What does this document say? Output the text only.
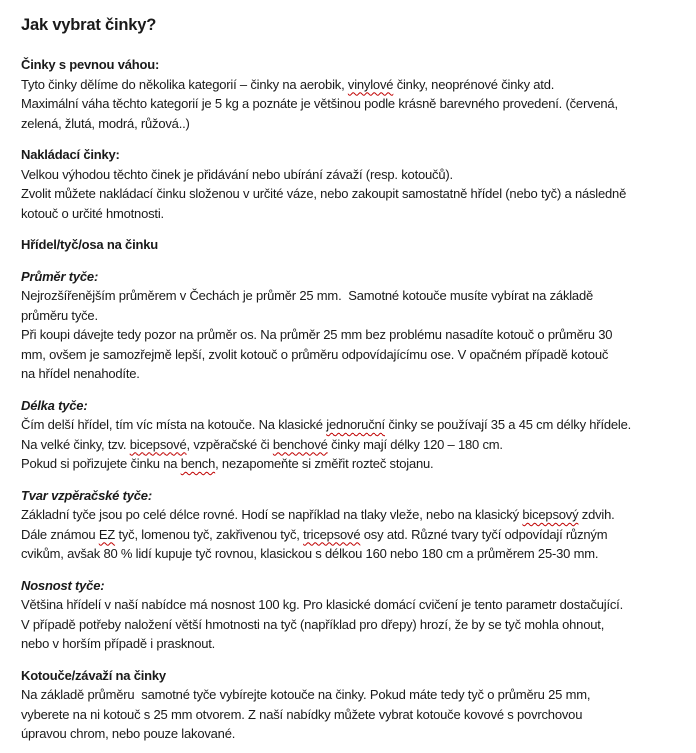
Jak vybrat činky?
Činky s pevnou váhou:
Tyto činky dělíme do několika kategorií – činky na aerobik, vinylové činky, neoprénové činky atd.
Maximální váha těchto kategorií je 5 kg a poznáte je většinou podle krásně barevného provedení. (červená,
zelená, žlutá, modrá, růžová..)
Nakládací činky:
Velkou výhodou těchto činek je přidávání nebo ubírání závaží (resp. kotoučů).
Zvolit můžete nakládací činku složenou v určité váze, nebo zakoupit samostatně hřídel (nebo tyč) a následně
kotouč o určité hmotnosti.
Hřídel/tyč/osa na činku
Průměr tyče:
Nejrozšířenějším průměrem v Čechách je průměr 25 mm.  Samotné kotouče musíte vybírat na základě
průměru tyče.
Při koupi dávejte tedy pozor na průměr os. Na průměr 25 mm bez problému nasadíte kotouč o průměru 30
mm, ovšem je samozřejmě lepší, zvolit kotouč o průměru odpovídajícímu ose. V opačném případě kotouč
na hřídel nenahodíte.
Délka tyče:
Čím delší hřídel, tím víc místa na kotouče. Na klasické jednoruční činky se používají 35 a 45 cm délky hřídele.
Na velké činky, tzv. bicepsové, vzpěračské či benchové činky mají délky 120 – 180 cm.
Pokud si pořizujete činku na bench, nezapomeňte si změřit rozteč stojanu.
Tvar vzpěračské tyče:
Základní tyče jsou po celé délce rovné. Hodí se například na tlaky vleže, nebo na klasický bicepsový zdvih.
Dále známou EZ tyč, lomenou tyč, zakřivenou tyč, tricepsové osy atd. Různé tvary tyčí odpovídají různým
cvikům, avšak 80 % lidí kupuje tyč rovnou, klasickou s délkou 160 nebo 180 cm a průměrem 25-30 mm.
Nosnost tyče:
Většina hřídelí v naší nabídce má nosnost 100 kg. Pro klasické domácí cvičení je tento parametr dostačující.
V případě potřeby naložení větší hmotnosti na tyč (například pro dřepy) hrozí, že by se tyč mohla ohnout,
nebo v horším případě i prasknout.
Kotouče/závaží na činky
Na základě průměru  samotné tyče vybírejte kotouče na činky. Pokud máte tedy tyč o průměru 25 mm,
vyberete na ni kotouč s 25 mm otvorem. Z naší nabídky můžete vybrat kotouče kovové s povrchovou
úpravou chrom, nebo pouze lakované.
